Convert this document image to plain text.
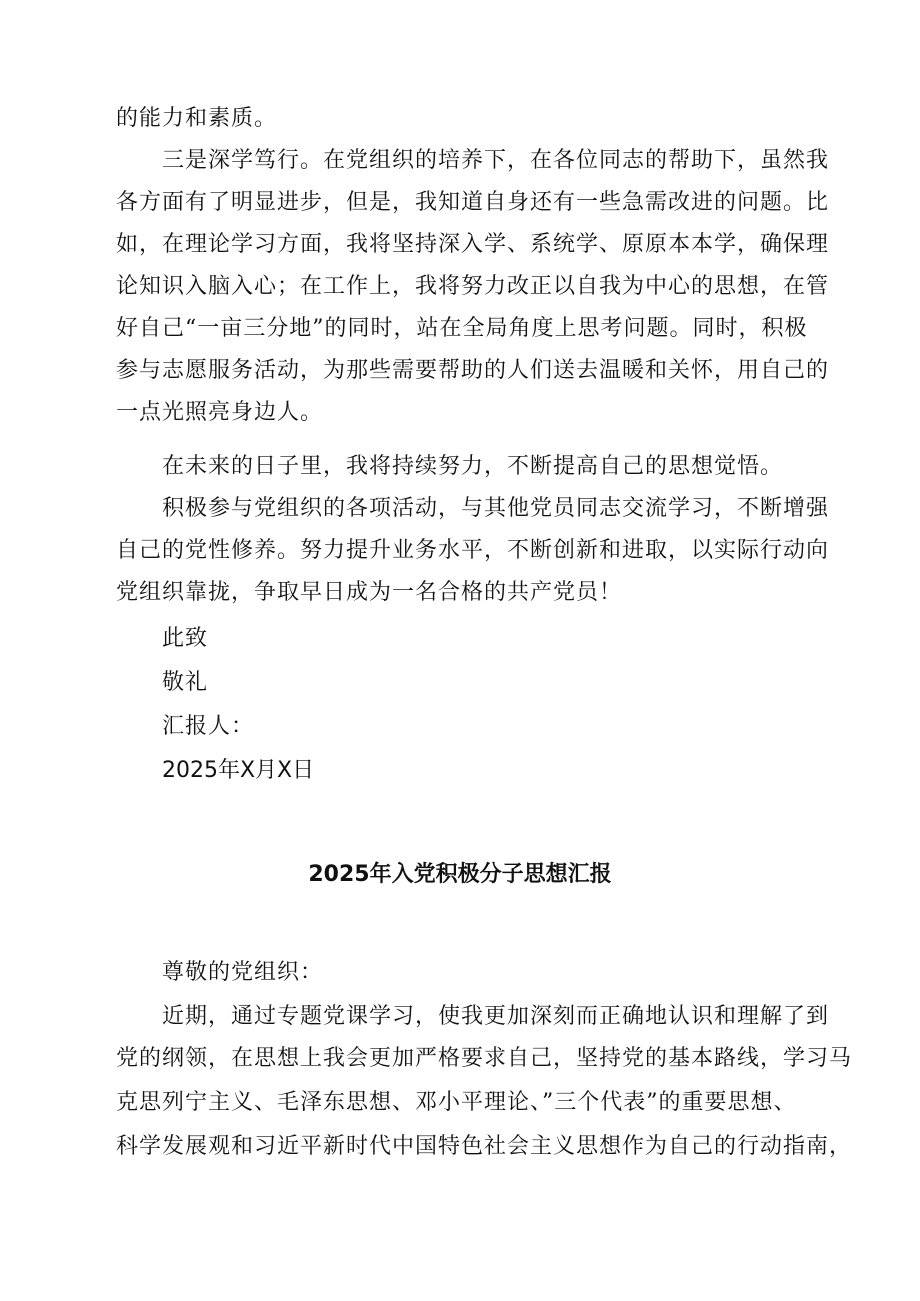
的能力和素质。
三是深学笃行。在党组织的培养下，在各位同志的帮助下，虽然我
各方面有了明显进步，但是，我知道自身还有一些急需改进的问题。比
如，在理论学习方面，我将坚持深入学、系统学、原原本本学，确保理
论知识入脑入心；在工作上，我将努力改正以自我为中心的思想，在管
好自己“一亩三分地”的同时，站在全局角度上思考问题。同时，积极
参与志愿服务活动，为那些需要帮助的人们送去温暖和关怀，用自己的
一点光照亮身边人。
在未来的日子里，我将持续努力，不断提高自己的思想觉悟。
积极参与党组织的各项活动，与其他党员同志交流学习，不断增强
自己的党性修养。努力提升业务水平，不断创新和进取，以实际行动向
党组织靠拢，争取早日成为一名合格的共产党员！
此致
敬礼
汇报人：
2025年X月X日
2025年入党积极分子思想汇报
尊敬的党组织：
近期，通过专题党课学习，使我更加深刻而正确地认识和理解了到
党的纲领，在思想上我会更加严格要求自己，坚持党的基本路线，学习马
克思列宁主义、毛泽东思想、邓小平理论、”三个代表”的重要思想、
科学发展观和习近平新时代中国特色社会主义思想作为自己的行动指南，
